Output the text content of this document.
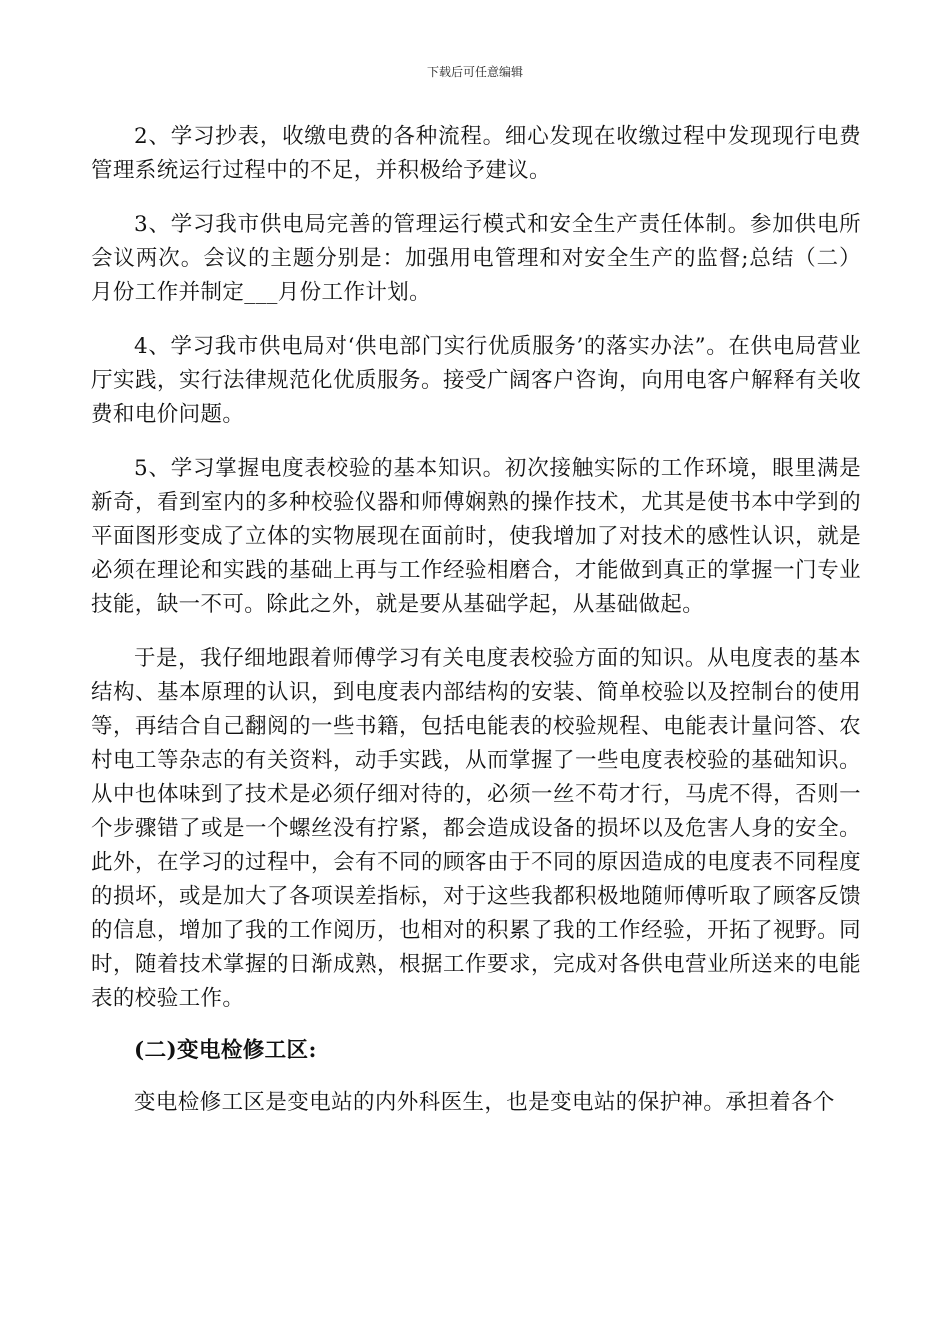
下载后可任意编辑

2、学习抄表，收缴电费的各种流程。细心发现在收缴过程中发现现行电费管理系统运行过程中的不足，并积极给予建议。

3、学习我市供电局完善的管理运行模式和安全生产责任体制。参加供电所会议两次。会议的主题分别是：加强用电管理和对安全生产的监督;总结（二）月份工作并制定___月份工作计划。

4、学习我市供电局对‘供电部门实行优质服务’的落实办法”。在供电局营业厅实践，实行法律规范化优质服务。接受广阔客户咨询，向用电客户解释有关收费和电价问题。

5、学习掌握电度表校验的基本知识。初次接触实际的工作环境，眼里满是新奇，看到室内的多种校验仪器和师傅娴熟的操作技术，尤其是使书本中学到的平面图形变成了立体的实物展现在面前时，使我增加了对技术的感性认识，就是必须在理论和实践的基础上再与工作经验相磨合，才能做到真正的掌握一门专业技能，缺一不可。除此之外，就是要从基础学起，从基础做起。

于是，我仔细地跟着师傅学习有关电度表校验方面的知识。从电度表的基本结构、基本原理的认识，到电度表内部结构的安装、简单校验以及控制台的使用等，再结合自己翻阅的一些书籍，包括电能表的校验规程、电能表计量问答、农村电工等杂志的有关资料，动手实践，从而掌握了一些电度表校验的基础知识。从中也体味到了技术是必须仔细对待的，必须一丝不苟才行，马虎不得，否则一个步骤错了或是一个螺丝没有拧紧，都会造成设备的损坏以及危害人身的安全。此外，在学习的过程中，会有不同的顾客由于不同的原因造成的电度表不同程度的损坏，或是加大了各项误差指标，对于这些我都积极地随师傅听取了顾客反馈的信息，增加了我的工作阅历，也相对的积累了我的工作经验，开拓了视野。同时，随着技术掌握的日渐成熟，根据工作要求，完成对各供电营业所送来的电能表的校验工作。

(二)变电检修工区:

变电检修工区是变电站的内外科医生，也是变电站的保护神。承担着各个
